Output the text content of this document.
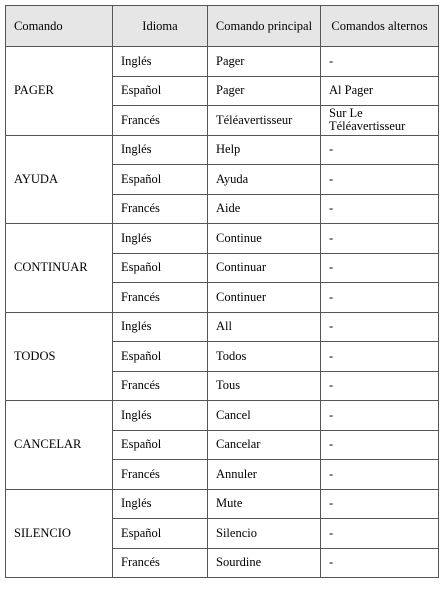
Comando	Idioma	Comando principal	Comandos alternos
PAGER	Inglés	Pager	-
	Español	Pager	Al Pager
	Francés	Téléavertisseur	Sur Le Téléavertisseur
AYUDA	Inglés	Help	-
	Español	Ayuda	-
	Francés	Aide	-
CONTINUAR	Inglés	Continue	-
	Español	Continuar	-
	Francés	Continuer	-
TODOS	Inglés	All	-
	Español	Todos	-
	Francés	Tous	-
CANCELAR	Inglés	Cancel	-
	Español	Cancelar	-
	Francés	Annuler	-
SILENCIO	Inglés	Mute	-
	Español	Silencio	-
	Francés	Sourdine	-
